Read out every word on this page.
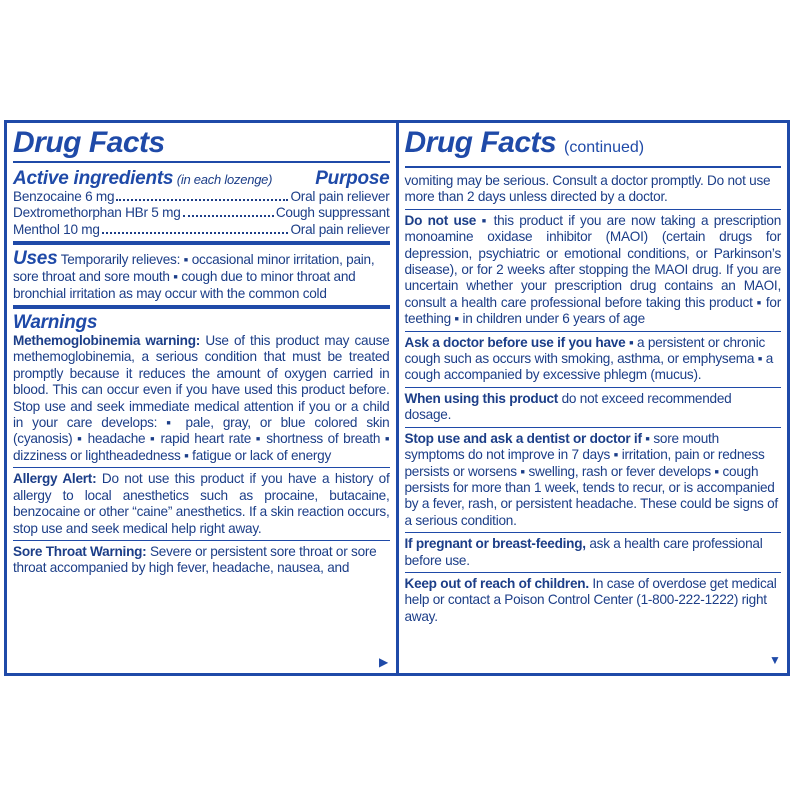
Drug Facts
Active ingredients (in each lozenge) Purpose
Benzocaine 6 mg	Oral pain reliever
Dextromethorphan HBr 5 mg	Cough suppressant
Menthol 10 mg	Oral pain reliever
Uses Temporarily relieves: ▪ occasional minor irritation, pain, sore throat and sore mouth ▪ cough due to minor throat and bronchial irritation as may occur with the common cold
Warnings
Methemoglobinemia warning: Use of this product may cause methemoglobinemia, a serious condition that must be treated promptly because it reduces the amount of oxygen carried in blood. This can occur even if you have used this product before. Stop use and seek immediate medical attention if you or a child in your care develops: ▪ pale, gray, or blue colored skin (cyanosis) ▪ headache ▪ rapid heart rate ▪ shortness of breath ▪ dizziness or lightheadedness ▪ fatigue or lack of energy
Allergy Alert: Do not use this product if you have a history of allergy to local anesthetics such as procaine, butacaine, benzocaine or other “caine” anesthetics. If a skin reaction occurs, stop use and seek medical help right away.
Sore Throat Warning: Severe or persistent sore throat or sore throat accompanied by high fever, headache, nausea, and
▶
Drug Facts (continued)
vomiting may be serious. Consult a doctor promptly. Do not use more than 2 days unless directed by a doctor.
Do not use ▪ this product if you are now taking a prescription monoamine oxidase inhibitor (MAOI) (certain drugs for depression, psychiatric or emotional conditions, or Parkinson’s disease), or for 2 weeks after stopping the MAOI drug. If you are uncertain whether your prescription drug contains an MAOI, consult a health care professional before taking this product ▪ for teething ▪ in children under 6 years of age
Ask a doctor before use if you have ▪ a persistent or chronic cough such as occurs with smoking, asthma, or emphysema ▪ a cough accompanied by excessive phlegm (mucus).
When using this product do not exceed recommended dosage.
Stop use and ask a dentist or doctor if ▪ sore mouth symptoms do not improve in 7 days ▪ irritation, pain or redness persists or worsens ▪ swelling, rash or fever develops ▪ cough persists for more than 1 week, tends to recur, or is accompanied by a fever, rash, or persistent headache. These could be signs of a serious condition.
If pregnant or breast-feeding, ask a health care professional before use.
Keep out of reach of children. In case of overdose get medical help or contact a Poison Control Center (1-800-222-1222) right away.
▼
